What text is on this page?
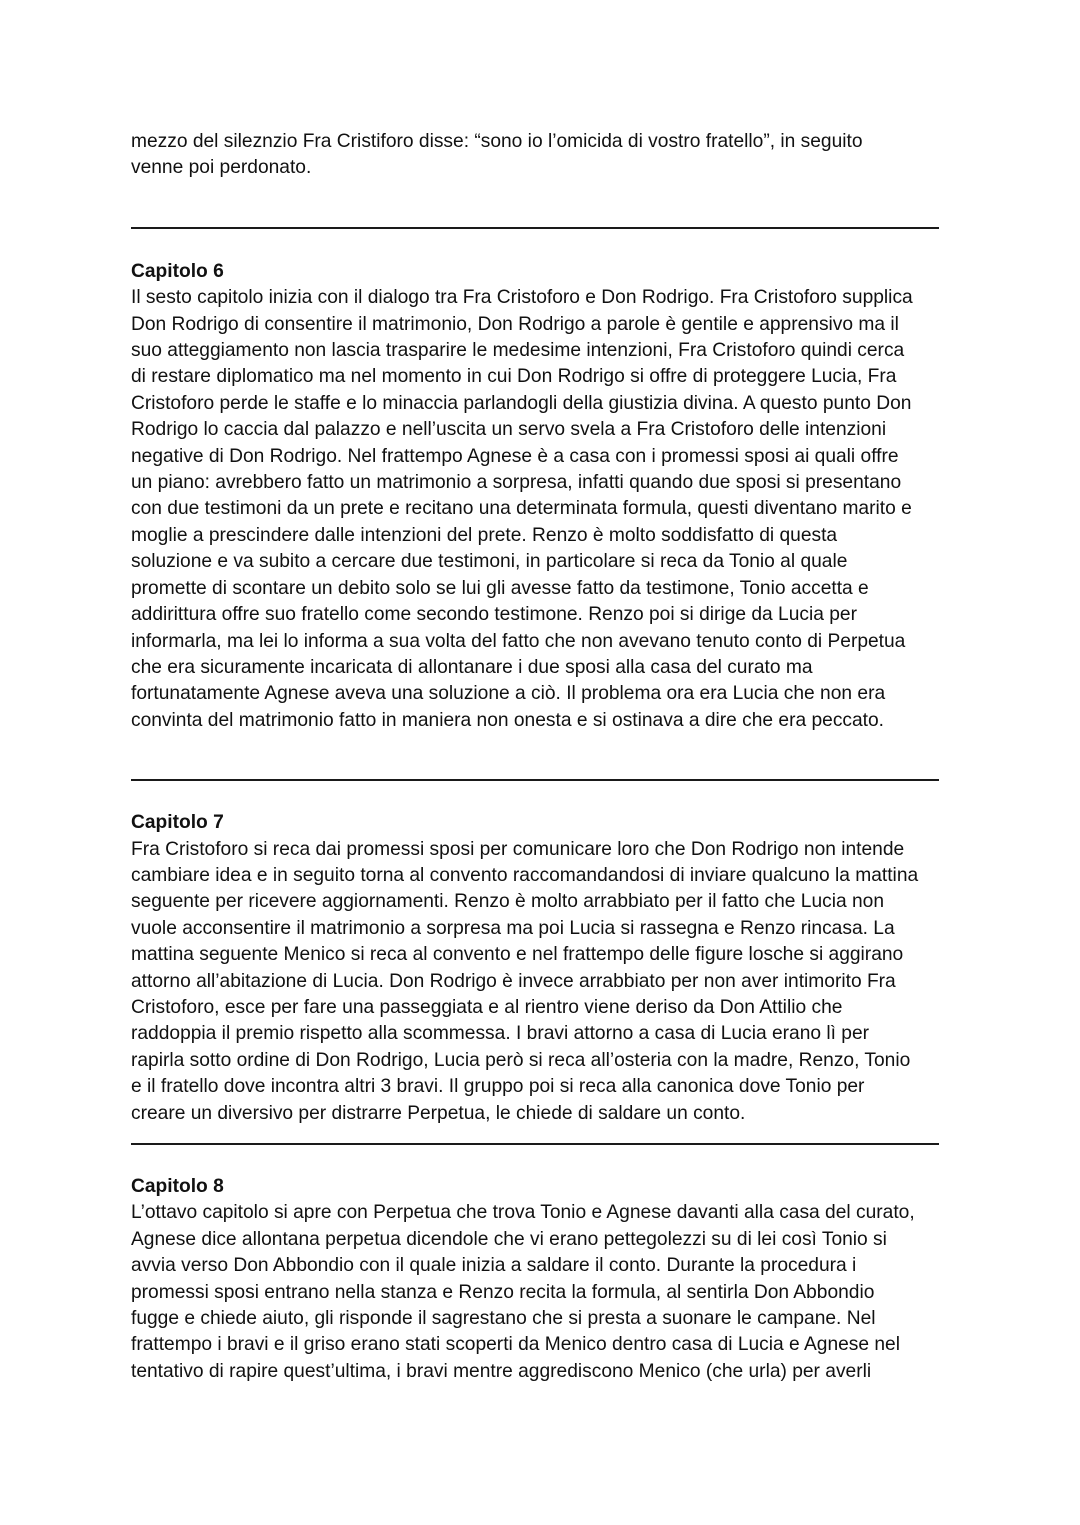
mezzo del sileznzio Fra Cristiforo disse: “sono io l’omicida di vostro fratello”, in seguito
venne poi perdonato.

Capitolo 6

Il sesto capitolo inizia con il dialogo tra Fra Cristoforo e Don Rodrigo. Fra Cristoforo supplica
Don Rodrigo di consentire il matrimonio, Don Rodrigo a parole è gentile e apprensivo ma il
suo atteggiamento non lascia trasparire le medesime intenzioni, Fra Cristoforo quindi cerca
di restare diplomatico ma nel momento in cui Don Rodrigo si offre di proteggere Lucia, Fra
Cristoforo perde le staffe e lo minaccia parlandogli della giustizia divina. A questo punto Don
Rodrigo lo caccia dal palazzo e nell’uscita un servo svela a Fra Cristoforo delle intenzioni
negative di Don Rodrigo. Nel frattempo Agnese è a casa con i promessi sposi ai quali offre
un piano: avrebbero fatto un matrimonio a sorpresa, infatti quando due sposi si presentano
con due testimoni da un prete e recitano una determinata formula, questi diventano marito e
moglie a prescindere dalle intenzioni del prete. Renzo è molto soddisfatto di questa
soluzione e va subito a cercare due testimoni, in particolare si reca da Tonio al quale
promette di scontare un debito solo se lui gli avesse fatto da testimone, Tonio accetta e
addirittura offre suo fratello come secondo testimone. Renzo poi si dirige da Lucia per
informarla, ma lei lo informa a sua volta del fatto che non avevano tenuto conto di Perpetua
che era sicuramente incaricata di allontanare i due sposi alla casa del curato ma
fortunatamente Agnese aveva una soluzione a ciò. Il problema ora era Lucia che non era
convinta del matrimonio fatto in maniera non onesta e si ostinava a dire che era peccato.

Capitolo 7

Fra Cristoforo si reca dai promessi sposi per comunicare loro che Don Rodrigo non intende
cambiare idea e in seguito torna al convento raccomandandosi di inviare qualcuno la mattina
seguente per ricevere aggiornamenti. Renzo è molto arrabbiato per il fatto che Lucia non
vuole acconsentire il matrimonio a sorpresa ma poi Lucia si rassegna e Renzo rincasa. La
mattina seguente Menico si reca al convento e nel frattempo delle figure losche si aggirano
attorno all’abitazione di Lucia. Don Rodrigo è invece arrabbiato per non aver intimorito Fra
Cristoforo, esce per fare una passeggiata e al rientro viene deriso da Don Attilio che
raddoppia il premio rispetto alla scommessa. I bravi attorno a casa di Lucia erano lì per
rapirla sotto ordine di Don Rodrigo, Lucia però si reca all’osteria con la madre, Renzo, Tonio
e il fratello dove incontra altri 3 bravi. Il gruppo poi si reca alla canonica dove Tonio per
creare un diversivo per distrarre Perpetua, le chiede di saldare un conto.

Capitolo 8

L’ottavo capitolo si apre con Perpetua che trova Tonio e Agnese davanti alla casa del curato,
Agnese dice allontana perpetua dicendole che vi erano pettegolezzi su di lei così Tonio si
avvia verso Don Abbondio con il quale inizia a saldare il conto. Durante la procedura i
promessi sposi entrano nella stanza e Renzo recita la formula, al sentirla Don Abbondio
fugge e chiede aiuto, gli risponde il sagrestano che si presta a suonare le campane. Nel
frattempo i bravi e il griso erano stati scoperti da Menico dentro casa di Lucia e Agnese nel
tentativo di rapire quest’ultima, i bravi mentre aggrediscono Menico (che urla) per averli
